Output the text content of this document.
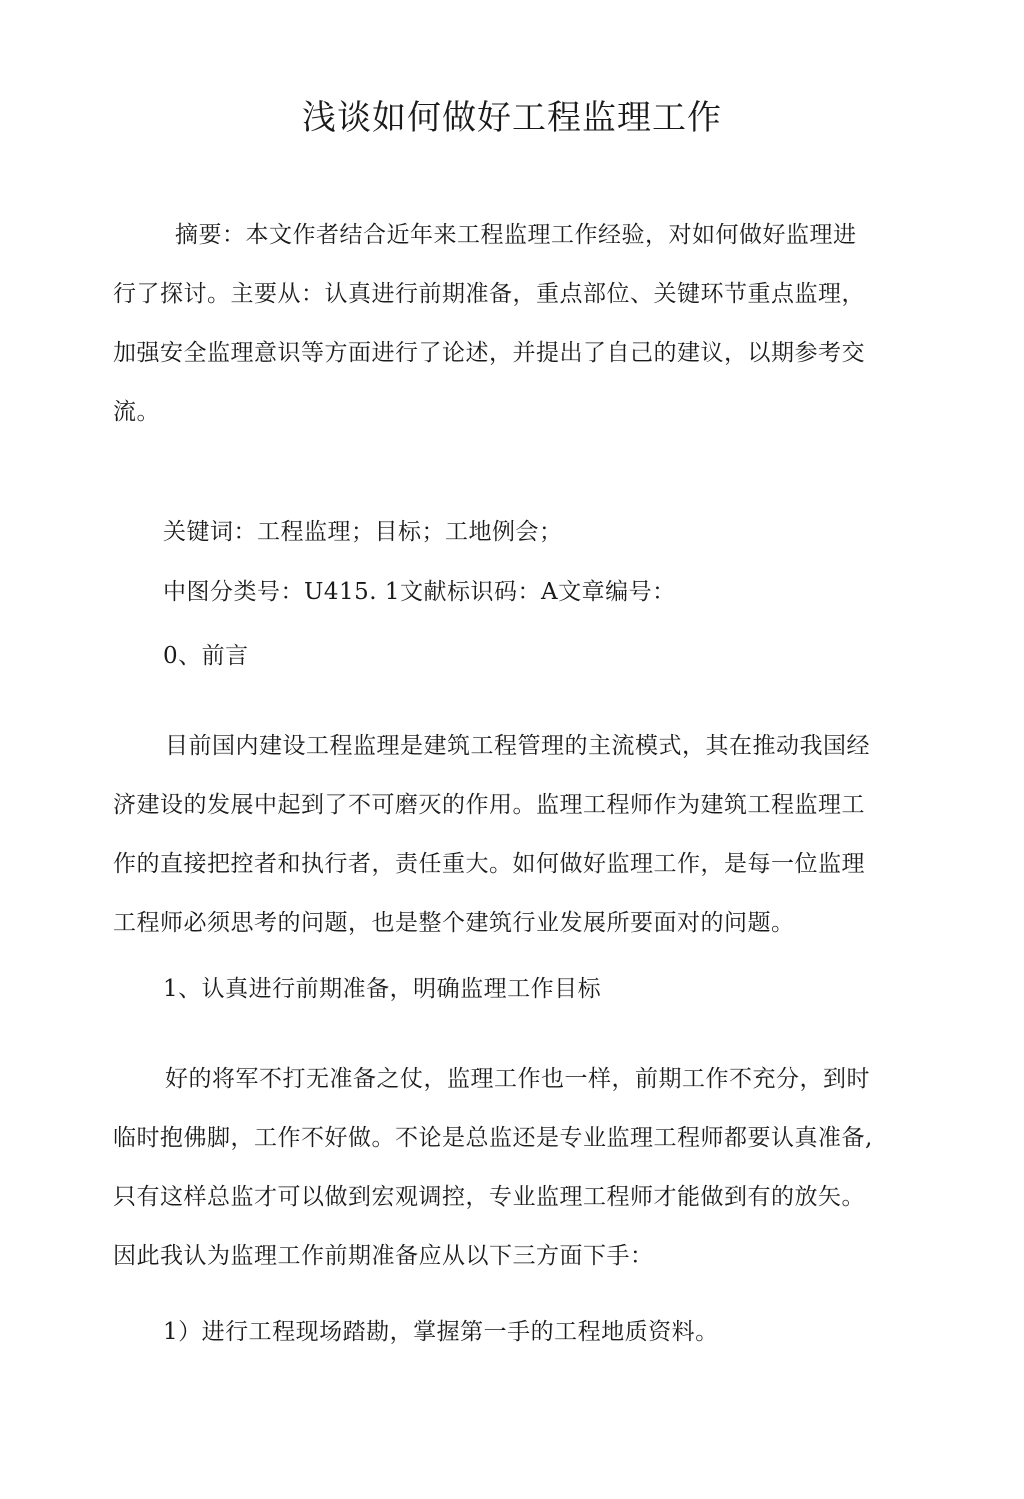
浅谈如何做好工程监理工作
摘要：本文作者结合近年来工程监理工作经验，对如何做好监理进
行了探讨。主要从：认真进行前期准备，重点部位、关键环节重点监理，
加强安全监理意识等方面进行了论述，并提出了自己的建议，以期参考交
流。
关键词：工程监理；目标；工地例会；
中图分类号：U415. 1文献标识码：A文章编号：
0、前言
目前国内建设工程监理是建筑工程管理的主流模式，其在推动我国经
济建设的发展中起到了不可磨灭的作用。监理工程师作为建筑工程监理工
作的直接把控者和执行者，责任重大。如何做好监理工作，是每一位监理
工程师必须思考的问题，也是整个建筑行业发展所要面对的问题。
1、认真进行前期准备，明确监理工作目标
好的将军不打无准备之仗，监理工作也一样，前期工作不充分，到时
临时抱佛脚，工作不好做。不论是总监还是专业监理工程师都要认真准备,
只有这样总监才可以做到宏观调控，专业监理工程师才能做到有的放矢。
因此我认为监理工作前期准备应从以下三方面下手：
1）进行工程现场踏勘，掌握第一手的工程地质资料。
